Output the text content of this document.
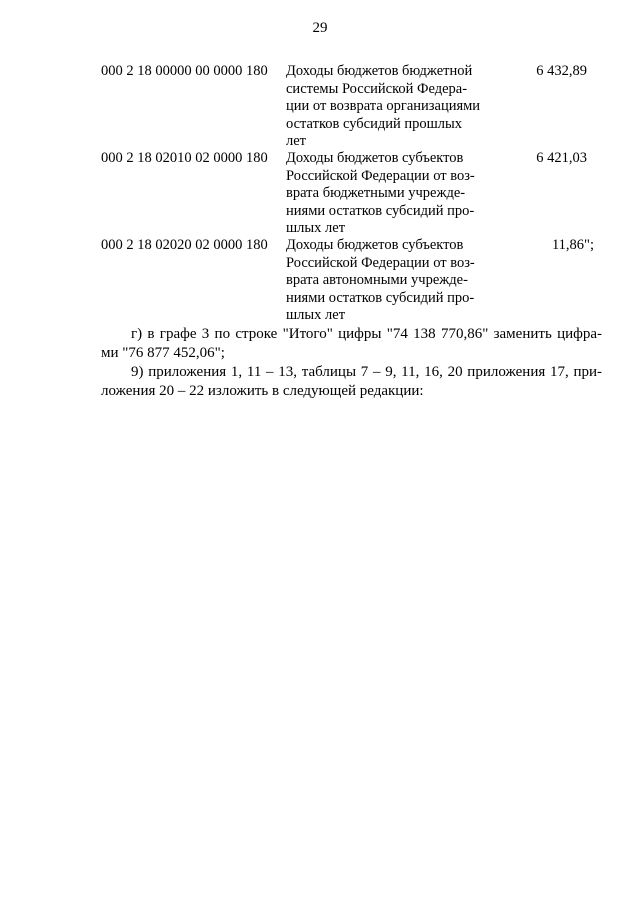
29
000 2 18 00000 00 0000 180 Доходы бюджетов бюджетной
системы Российской Федера-
ции от возврата организациями
остатков субсидий прошлых
лет
6 432,89
000 2 18 02010 02 0000 180 Доходы бюджетов субъектов
Российской Федерации от воз-
врата бюджетными учрежде-
ниями остатков субсидий про-
шлых лет
6 421,03
000 2 18 02020 02 0000 180 Доходы бюджетов субъектов
Российской Федерации от воз-
врата автономными учрежде-
ниями остатков субсидий про-
шлых лет
11,86";
г) в графе 3 по строке "Итого" цифры "74 138 770,86" заменить цифра-
ми "76 877 452,06";
9) приложения 1, 11 – 13, таблицы 7 – 9, 11, 16, 20 приложения 17, при-
ложения 20 – 22 изложить в следующей редакции:
